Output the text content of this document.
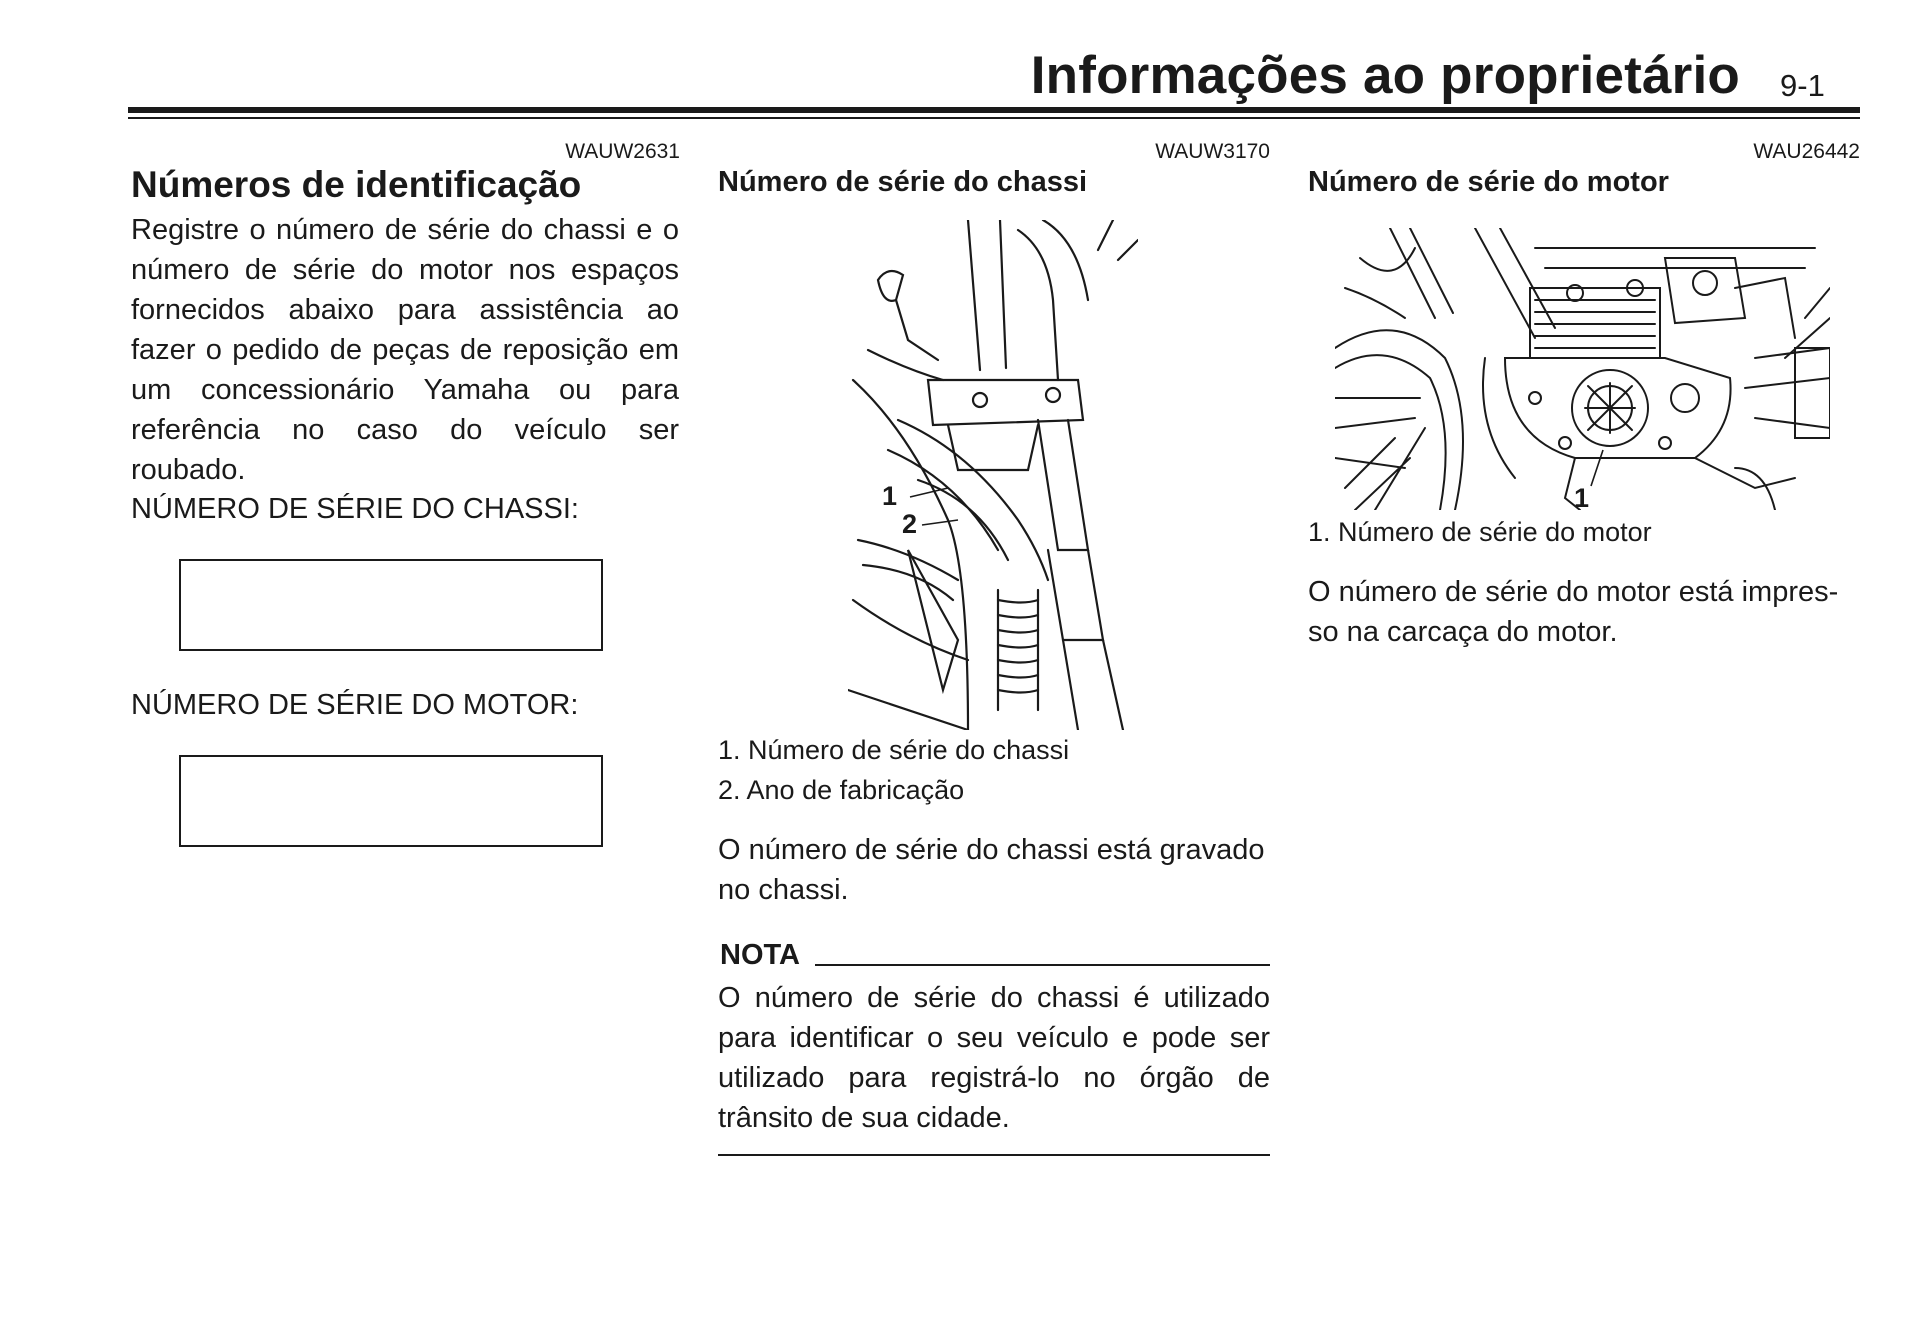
Informações ao proprietário 9-1
WAUW2631
Números de identificação
Registre o número de série do chassi e o número de série do motor nos espaços fornecidos abaixo para assistência ao fazer o pedido de peças de reposição em um concessionário Yamaha ou para referência no caso do veículo ser roubado.
NÚMERO DE SÉRIE DO CHASSI:
NÚMERO DE SÉRIE DO MOTOR:
WAUW3170
Número de série do chassi
1
2
1. Número de série do chassi
2. Ano de fabricação
O número de série do chassi está gravado
no chassi.
NOTA
O número de série do chassi é utilizado para identificar o seu veículo e pode ser utilizado para registrá-lo no órgão de trânsito de sua cidade.
WAU26442
Número de série do motor
1
1. Número de série do motor
O número de série do motor está impres-
so na carcaça do motor.
